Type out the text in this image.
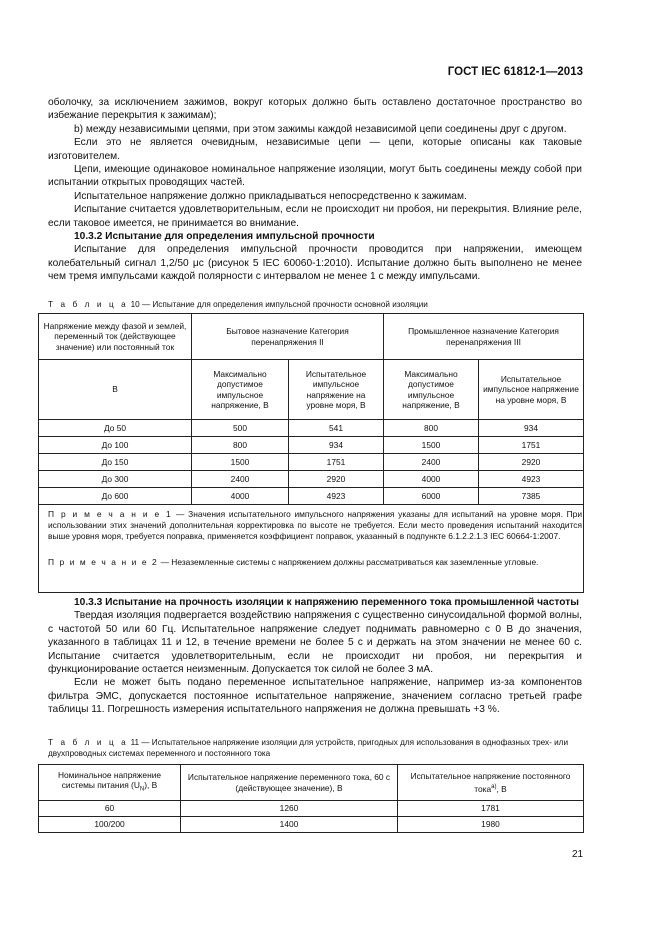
ГОСТ IEC 61812-1—2013

оболочку, за исключением зажимов, вокруг которых должно быть оставлено достаточное пространство во избежание перекрытия к зажимам);

b) между независимыми цепями, при этом зажимы каждой независимой цепи соединены друг с другом.

Если это не является очевидным, независимые цепи — цепи, которые описаны как таковые изготовителем.

Цепи, имеющие одинаковое номинальное напряжение изоляции, могут быть соединены между собой при испытании открытых проводящих частей.

Испытательное напряжение должно прикладываться непосредственно к зажимам.

Испытание считается удовлетворительным, если не происходит ни пробоя, ни перекрытия. Влияние реле, если таковое имеется, не принимается во внимание.

10.3.2 Испытание для определения импульсной прочности

Испытание для определения импульсной прочности проводится при напряжении, имеющем колебательный сигнал 1,2/50 μс (рисунок 5 IEC 60060-1:2010). Испытание должно быть выполнено не менее чем тремя импульсами каждой полярности с интервалом не менее 1 с между импульсами.

Т а б л и ц а 10 — Испытание для определения импульсной прочности основной изоляции
Напряжение между фазой и землей, переменный ток (действующее значение) или постоянный ток	Бытовое назначение Категория перенапряжения II		Промышленное назначение Категория перенапряжения III	
В	Максимально допустимое импульсное напряжение, В	Испытательное импульсное напряжение на уровне моря, В	Максимально допустимое импульсное напряжение, В	Испытательное импульсное напряжение на уровне моря, В
До 50	500	541	800	934
До 100	800	934	1500	1751
До 150	1500	1751	2400	2920
До 300	2400	2920	4000	4923
До 600	4000	4923	6000	7385

П р и м е ч а н и е 1 — Значения испытательного импульсного напряжения указаны для испытаний на уровне моря. При использовании этих значений дополнительная корректировка по высоте не требуется. Если место проведения испытаний находится выше уровня моря, требуется поправка, применяется коэффициент поправок, указанный в подпункте 6.1.2.2.1.3 IEC 60664-1:2007.
П р и м е ч а н и е 2 — Незаземленные системы с напряжением должны рассматриваться как заземленные угловые.

10.3.3 Испытание на прочность изоляции к напряжению переменного тока промышленной частоты

Твердая изоляция подвергается воздействию напряжения с существенно синусоидальной формой волны, с частотой 50 или 60 Гц. Испытательное напряжение следует поднимать равномерно с 0 В до значения, указанного в таблицах 11 и 12, в течение времени не более 5 с и держать на этом значении не менее 60 с. Испытание считается удовлетворительным, если не происходит ни пробоя, ни перекрытия и функционирование остается неизменным. Допускается ток силой не более 3 мА.

Если не может быть подано переменное испытательное напряжение, например из-за компонентов фильтра ЭМС, допускается постоянное испытательное напряжение, значением согласно третьей графе таблицы 11. Погрешность измерения испытательного напряжения не должна превышать +3 %.

Т а б л и ц а 11 — Испытательное напряжение изоляции для устройств, пригодных для использования в однофазных трех- или двухпроводных системах переменного и постоянного тока
Номинальное напряжение системы питания $(U_N)$, В	Испытательное напряжение переменного тока, 60 с (действующее значение), В	Испытательное напряжение постоянного тока$^{a)}$, В
60	1260	1781
100/200	1400	1980
21
